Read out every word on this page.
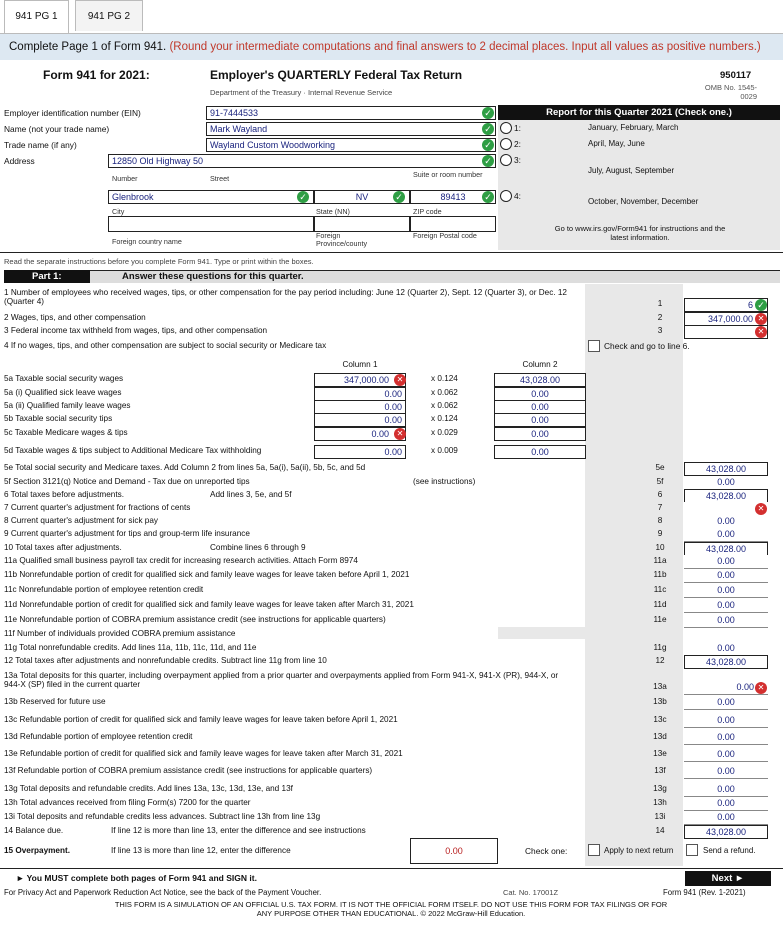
941 PG 1	941 PG 2
Complete Page 1 of Form 941. (Round your intermediate computations and final answers to 2 decimal places. Input all values as positive numbers.)
Form 941 for 2021:	Employer's QUARTERLY Federal Tax Return
Department of the Treasury · Internal Revenue Service
950117
OMB No. 1545-0029
Employer identification number (EIN)	91-7444533	✓
Name (not your trade name)	Mark Wayland	✓
Trade name (if any)	Wayland Custom Woodworking	✓
Address	12850 Old Highway 50	✓
Number	Street	Suite or room number
Glenbrook	✓	NV	✓	89413	✓
City	State (NN)	ZIP code
Foreign country name
Foreign Province/county
Foreign Postal code
Report for this Quarter 2021 (Check one.)
1:	January, February, March
2:	April, May, June
3:
July, August, September
4:
October, November, December
Go to www.irs.gov/Form941 for instructions and the latest information.
Read the separate instructions before you complete Form 941. Type or print within the boxes.
Part 1:	Answer these questions for this quarter.
1 Number of employees who received wages, tips, or other compensation for the pay period including: June 12 (Quarter 2), Sept. 12 (Quarter 3), or Dec. 12 (Quarter 4)	1	6 ✓
2 Wages, tips, and other compensation	2	347,000.00 ✕
3 Federal income tax withheld from wages, tips, and other compensation	3	✕
4 If no wages, tips, and other compensation are subject to social security or Medicare tax	Check and go to line 6.
Column 1	Column 2
5a Taxable social security wages	347,000.00 ✕	x 0.124	43,028.00
5a (i) Qualified sick leave wages	0.00	x 0.062	0.00
5a (ii) Qualified family leave wages	0.00	x 0.062	0.00
5b Taxable social security tips	0.00	x 0.124	0.00
5c Taxable Medicare wages & tips	0.00 ✕	x 0.029	0.00
5d Taxable wages & tips subject to Additional Medicare Tax withholding	0.00	x 0.009	0.00
5e Total social security and Medicare taxes. Add Column 2 from lines 5a, 5a(i), 5a(ii), 5b, 5c, and 5d	5e	43,028.00
5f Section 3121(q) Notice and Demand - Tax due on unreported tips	(see instructions)	5f	0.00
6 Total taxes before adjustments.	Add lines 3, 5e, and 5f	6	43,028.00
7 Current quarter's adjustment for fractions of cents	7	✕
8 Current quarter's adjustment for sick pay	8	0.00
9 Current quarter's adjustment for tips and group-term life insurance	9	0.00
10 Total taxes after adjustments.	Combine lines 6 through 9	10	43,028.00
11a Qualified small business payroll tax credit for increasing research activities. Attach Form 8974	11a	0.00
11b Nonrefundable portion of credit for qualified sick and family leave wages for leave taken before April 1, 2021	11b	0.00
11c Nonrefundable portion of employee retention credit	11c	0.00
11d Nonrefundable portion of credit for qualified sick and family leave wages for leave taken after March 31, 2021	11d	0.00
11e Nonrefundable portion of COBRA premium assistance credit (see instructions for applicable quarters)	11e	0.00
11f Number of individuals provided COBRA premium assistance
11g Total nonrefundable credits. Add lines 11a, 11b, 11c, 11d, and 11e	11g	0.00
12 Total taxes after adjustments and nonrefundable credits. Subtract line 11g from line 10	12	43,028.00
13a Total deposits for this quarter, including overpayment applied from a prior quarter and overpayments applied from Form 941-X, 941-X (PR), 944-X, or 944-X (SP) filed in the current quarter	13a	0.00 ✕
13b Reserved for future use	13b	0.00
13c Refundable portion of credit for qualified sick and family leave wages for leave taken before April 1, 2021	13c	0.00
13d Refundable portion of employee retention credit	13d	0.00
13e Refundable portion of credit for qualified sick and family leave wages for leave taken after March 31, 2021	13e	0.00
13f Refundable portion of COBRA premium assistance credit (see instructions for applicable quarters)	13f	0.00
13g Total deposits and refundable credits. Add lines 13a, 13c, 13d, 13e, and 13f	13g	0.00
13h Total advances received from filing Form(s) 7200 for the quarter	13h	0.00
13i Total deposits and refundable credits less advances. Subtract line 13h from line 13g	13i	0.00
14 Balance due.	If line 12 is more than line 13, enter the difference and see instructions	14	43,028.00
15 Overpayment.	If line 13 is more than line 12, enter the difference	0.00	Check one:	Apply to next return	Send a refund.
► You MUST complete both pages of Form 941 and SIGN it.	Next ►
For Privacy Act and Paperwork Reduction Act Notice, see the back of the Payment Voucher.	Cat. No. 17001Z	Form 941 (Rev. 1-2021)
THIS FORM IS A SIMULATION OF AN OFFICIAL U.S. TAX FORM. IT IS NOT THE OFFICIAL FORM ITSELF. DO NOT USE THIS FORM FOR TAX FILINGS OR FOR ANY PURPOSE OTHER THAN EDUCATIONAL. © 2022 McGraw-Hill Education.
